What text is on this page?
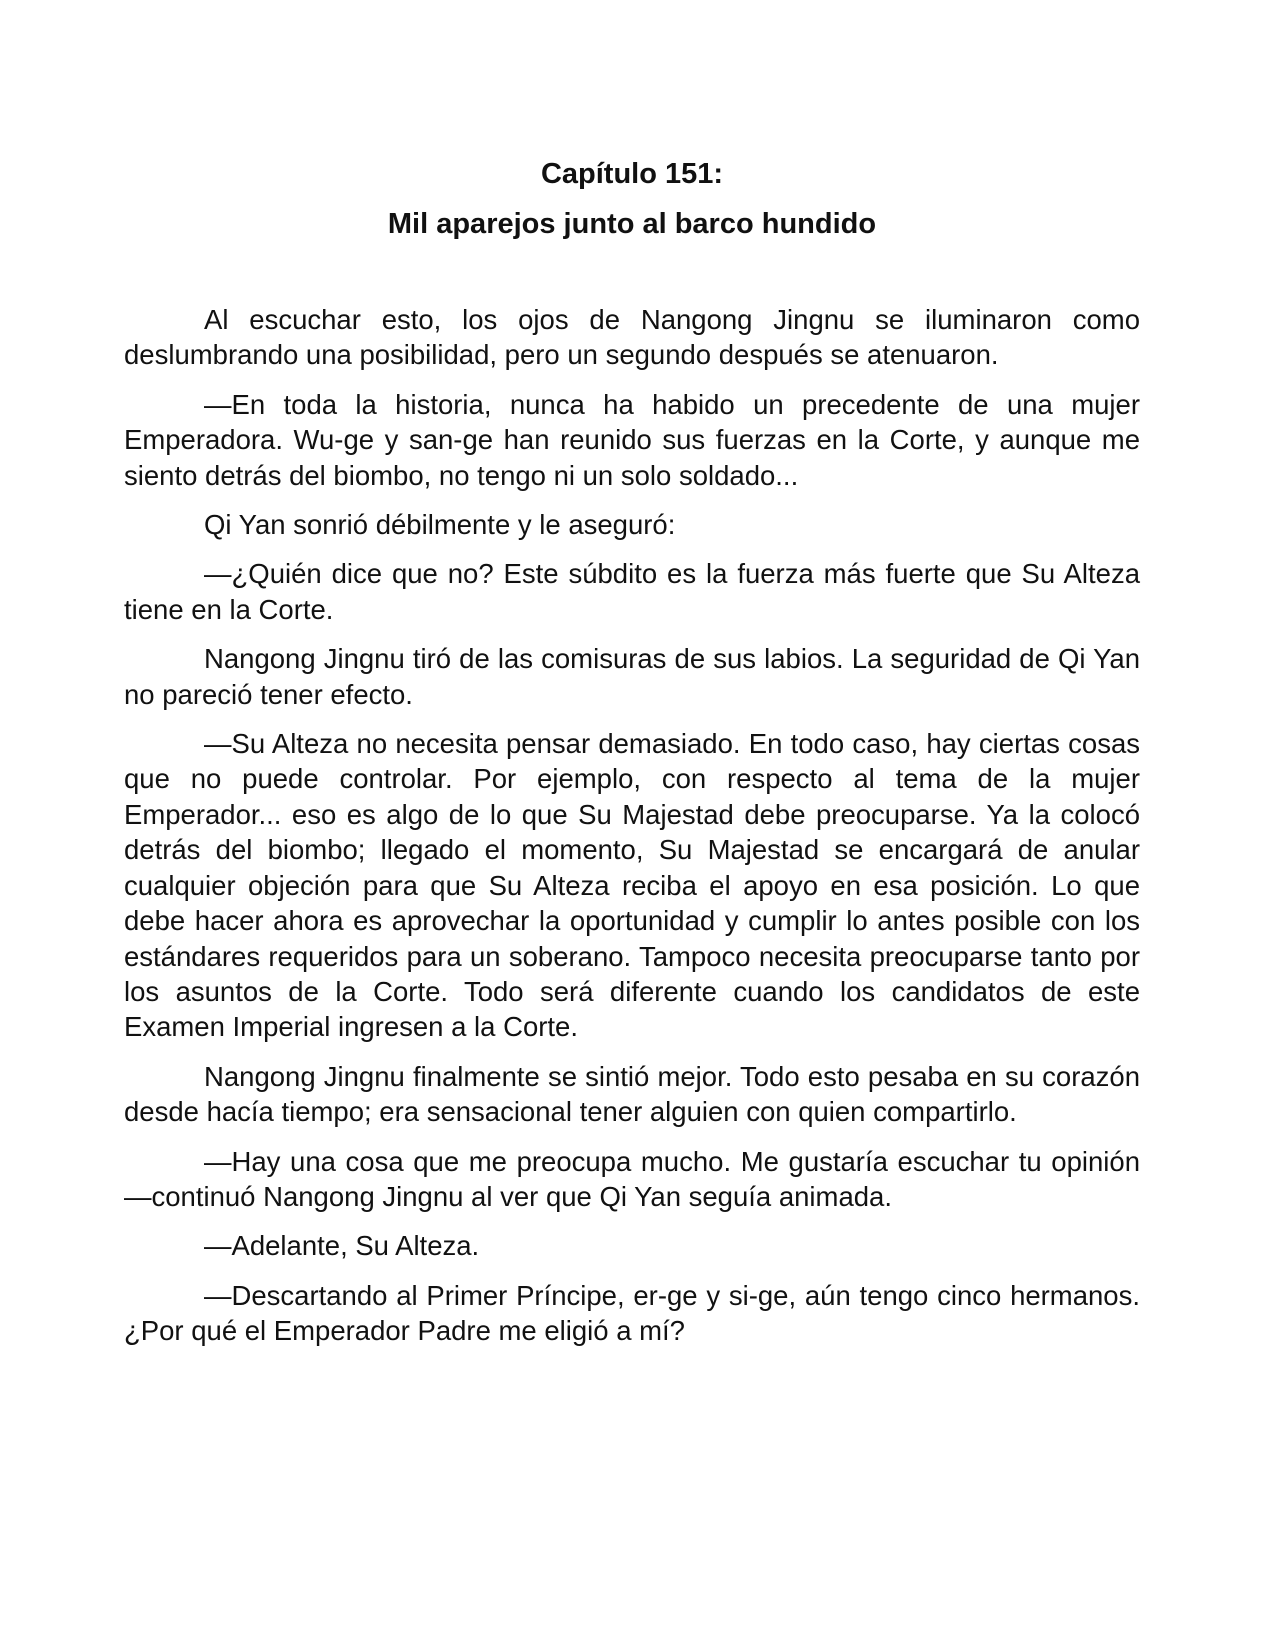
Capítulo 151:
Mil aparejos junto al barco hundido

Al escuchar esto, los ojos de Nangong Jingnu se iluminaron como deslumbrando una posibilidad, pero un segundo después se atenuaron.

—En toda la historia, nunca ha habido un precedente de una mujer Emperadora. Wu-ge y san-ge han reunido sus fuerzas en la Corte, y aunque me siento detrás del biombo, no tengo ni un solo soldado...

Qi Yan sonrió débilmente y le aseguró:

—¿Quién dice que no? Este súbdito es la fuerza más fuerte que Su Alteza tiene en la Corte.

Nangong Jingnu tiró de las comisuras de sus labios. La seguridad de Qi Yan no pareció tener efecto.

—Su Alteza no necesita pensar demasiado. En todo caso, hay ciertas cosas que no puede controlar. Por ejemplo, con respecto al tema de la mujer Emperador... eso es algo de lo que Su Majestad debe preocuparse. Ya la colocó detrás del biombo; llegado el momento, Su Majestad se encargará de anular cualquier objeción para que Su Alteza reciba el apoyo en esa posición. Lo que debe hacer ahora es aprovechar la oportunidad y cumplir lo antes posible con los estándares requeridos para un soberano. Tampoco necesita preocuparse tanto por los asuntos de la Corte. Todo será diferente cuando los candidatos de este Examen Imperial ingresen a la Corte.

Nangong Jingnu finalmente se sintió mejor. Todo esto pesaba en su corazón desde hacía tiempo; era sensacional tener alguien con quien compartirlo.

—Hay una cosa que me preocupa mucho. Me gustaría escuchar tu opinión —continuó Nangong Jingnu al ver que Qi Yan seguía animada.

—Adelante, Su Alteza.

—Descartando al Primer Príncipe, er-ge y si-ge, aún tengo cinco hermanos. ¿Por qué el Emperador Padre me eligió a mí?
